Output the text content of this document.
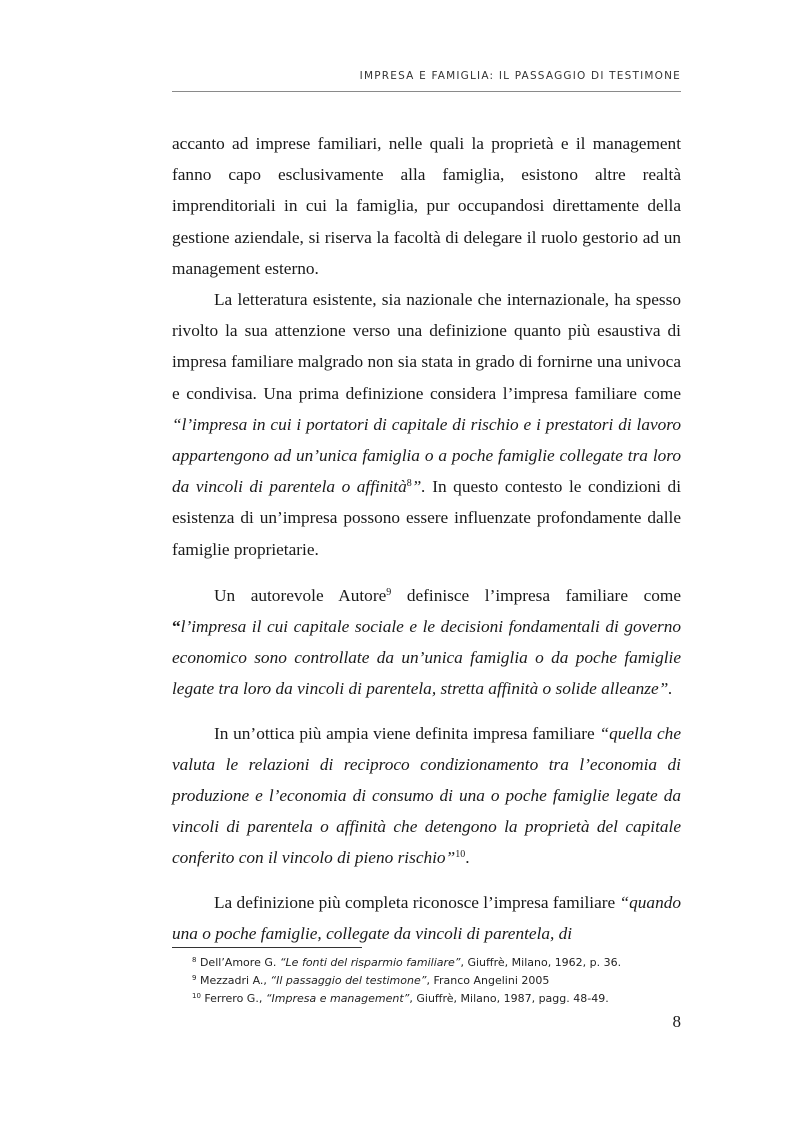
IMPRESA E FAMIGLIA: IL PASSAGGIO DI TESTIMONE

accanto ad imprese familiari, nelle quali la proprietà e il management fanno capo esclusivamente alla famiglia, esistono altre realtà imprenditoriali in cui la famiglia, pur occupandosi direttamente della gestione aziendale, si riserva la facoltà di delegare il ruolo gestorio ad un management esterno.

La letteratura esistente, sia nazionale che internazionale, ha spesso rivolto la sua attenzione verso una definizione quanto più esaustiva di impresa familiare malgrado non sia stata in grado di fornirne una univoca e condivisa. Una prima definizione considera l’impresa familiare come “l’impresa in cui i portatori di capitale di rischio e i prestatori di lavoro appartengono ad un’unica famiglia o a poche famiglie collegate tra loro da vincoli di parentela o affinità$^8$”. In questo contesto le condizioni di esistenza di un’impresa possono essere influenzate profondamente dalle famiglie proprietarie.

Un autorevole Autore$^9$ definisce l’impresa familiare come “l’impresa il cui capitale sociale e le decisioni fondamentali di governo economico sono controllate da un’unica famiglia o da poche famiglie legate tra loro da vincoli di parentela, stretta affinità o solide alleanze”.

In un’ottica più ampia viene definita impresa familiare “quella che valuta le relazioni di reciproco condizionamento tra l’economia di produzione e l’economia di consumo di una o poche famiglie legate da vincoli di parentela o affinità che detengono la proprietà del capitale conferito con il vincolo di pieno rischio”$^{10}$.

La definizione più completa riconosce l’impresa familiare “quando una o poche famiglie, collegate da vincoli di parentela, di

$^8$ Dell’Amore G. “Le fonti del risparmio familiare”, Giuffrè, Milano, 1962, p. 36.
$^9$ Mezzadri A., “Il passaggio del testimone”, Franco Angelini 2005
$^{10}$ Ferrero G., “Impresa e management”, Giuffrè, Milano, 1987, pagg. 48-49.
8
